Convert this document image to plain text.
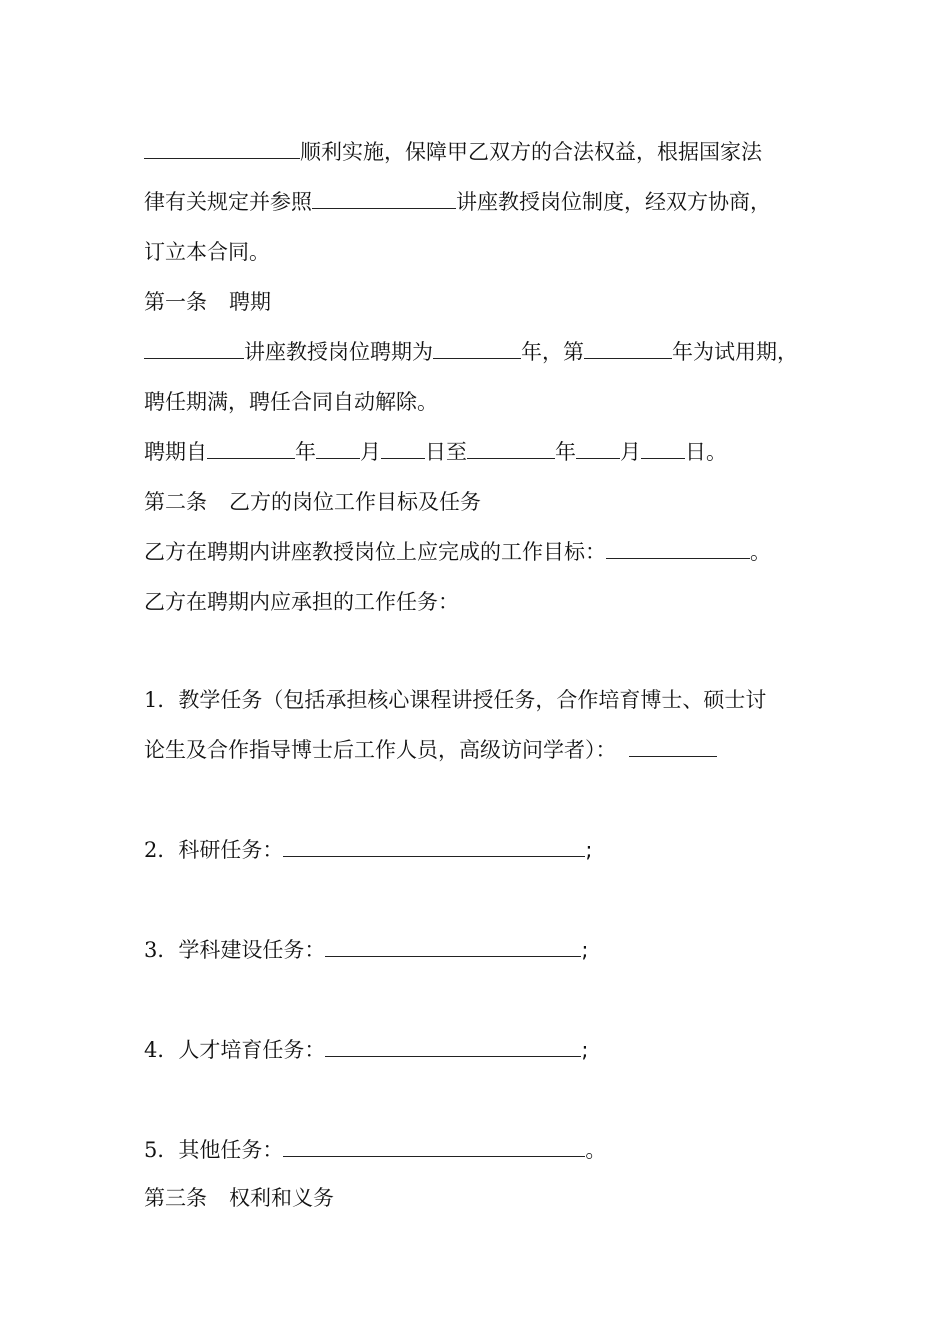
顺利实施，保障甲乙双方的合法权益，根据国家法
律有关规定并参照	讲座教授岗位制度，经双方协商，
订立本合同。
第一条 聘期
讲座教授岗位聘期为	年，第	年为试用期，
聘任期满，聘任合同自动解除。
聘期自	年 月 日至	年 月 日。
第二条 乙方的岗位工作目标及任务
乙方在聘期内讲座教授岗位上应完成的工作目标：	。
乙方在聘期内应承担的工作任务：
1．教学任务（包括承担核心课程讲授任务，合作培育博士、硕士讨
论生及合作指导博士后工作人员，高级访问学者）：
2．科研任务：	;
3．学科建设任务：	;
4．人才培育任务：	;
5．其他任务：	。
第三条 权利和义务
